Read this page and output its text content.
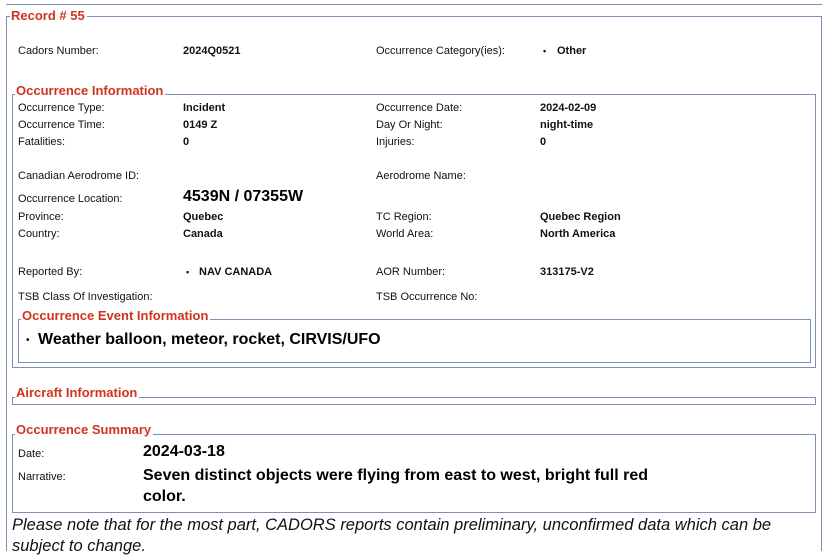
Record # 55
Cadors Number:	2024Q0521	Occurrence Category(ies):	• Other
Occurrence Information
Occurrence Type:	Incident	Occurrence Date:	2024-02-09
Occurrence Time:	0149 Z	Day Or Night:	night-time
Fatalities:	0	Injuries:	0
Canadian Aerodrome ID:	Aerodrome Name:
Occurrence Location:	4539N / 07355W
Province:	Quebec	TC Region:	Quebec Region
Country:	Canada	World Area:	North America
Reported By:	• NAV CANADA	AOR Number:	313175-V2
TSB Class Of Investigation:	TSB Occurrence No:
Occurrence Event Information
• Weather balloon, meteor, rocket, CIRVIS/UFO
Aircraft Information
Occurrence Summary
Date:	2024-03-18
Narrative:	Seven distinct objects were flying from east to west, bright full red
color.
Please note that for the most part, CADORS reports contain preliminary, unconfirmed data which can be
subject to change.
